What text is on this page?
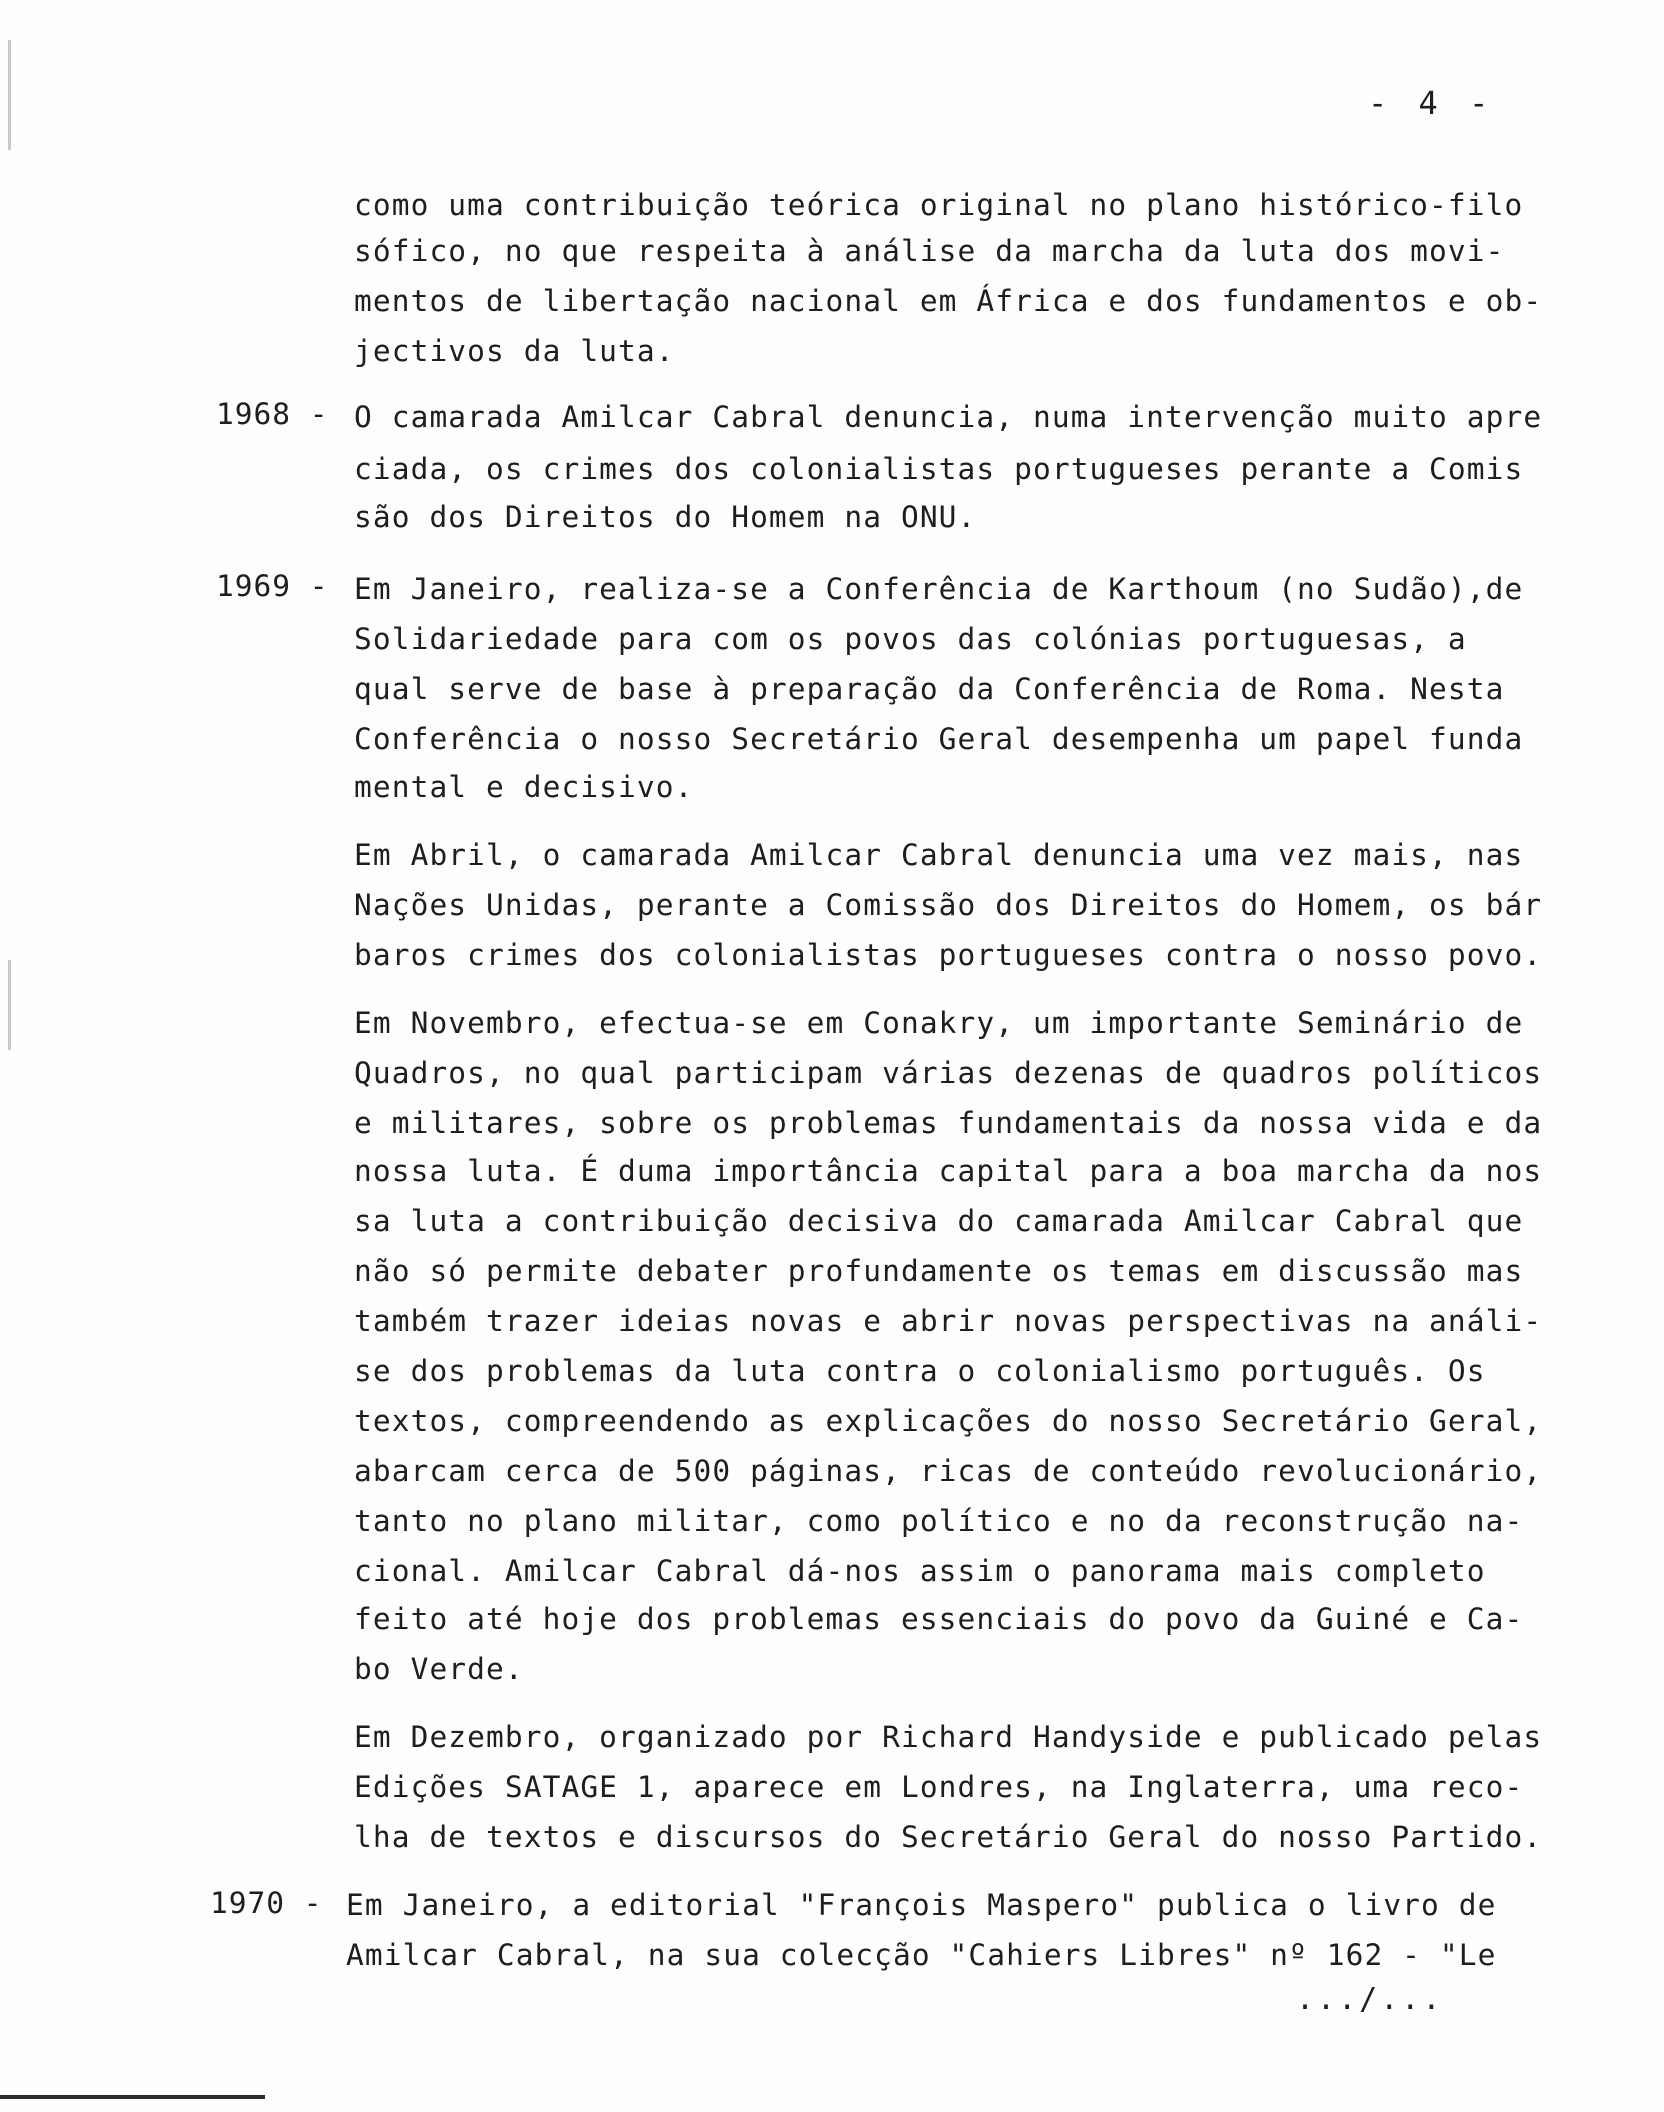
- 4 -
como uma contribuição teórica original no plano histórico-filo
sófico, no que respeita à análise da marcha da luta dos movi-
mentos de libertação nacional em África e dos fundamentos e ob-
jectivos da luta.
1968 - O camarada Amilcar Cabral denuncia, numa intervenção muito apre
ciada, os crimes dos colonialistas portugueses perante a Comis
são dos Direitos do Homem na ONU.
1969 - Em Janeiro, realiza-se a Conferência de Karthoum (no Sudão),de
Solidariedade para com os povos das colónias portuguesas, a
qual serve de base à preparação da Conferência de Roma. Nesta
Conferência o nosso Secretário Geral desempenha um papel funda
mental e decisivo.
Em Abril, o camarada Amilcar Cabral denuncia uma vez mais, nas
Nações Unidas, perante a Comissão dos Direitos do Homem, os bár
baros crimes dos colonialistas portugueses contra o nosso povo.
Em Novembro, efectua-se em Conakry, um importante Seminário de
Quadros, no qual participam várias dezenas de quadros políticos
e militares, sobre os problemas fundamentais da nossa vida e da
nossa luta. É duma importância capital para a boa marcha da nos
sa luta a contribuição decisiva do camarada Amilcar Cabral que
não só permite debater profundamente os temas em discussão mas
também trazer ideias novas e abrir novas perspectivas na análi-
se dos problemas da luta contra o colonialismo português. Os
textos, compreendendo as explicações do nosso Secretário Geral,
abarcam cerca de 500 páginas, ricas de conteúdo revolucionário,
tanto no plano militar, como político e no da reconstrução na-
cional. Amilcar Cabral dá-nos assim o panorama mais completo
feito até hoje dos problemas essenciais do povo da Guiné e Ca-
bo Verde.
Em Dezembro, organizado por Richard Handyside e publicado pelas
Edições SATAGE 1, aparece em Londres, na Inglaterra, uma reco-
lha de textos e discursos do Secretário Geral do nosso Partido.
1970 - Em Janeiro, a editorial "François Maspero" publica o livro de
Amilcar Cabral, na sua colecção "Cahiers Libres" nº 162 - "Le
.../...
